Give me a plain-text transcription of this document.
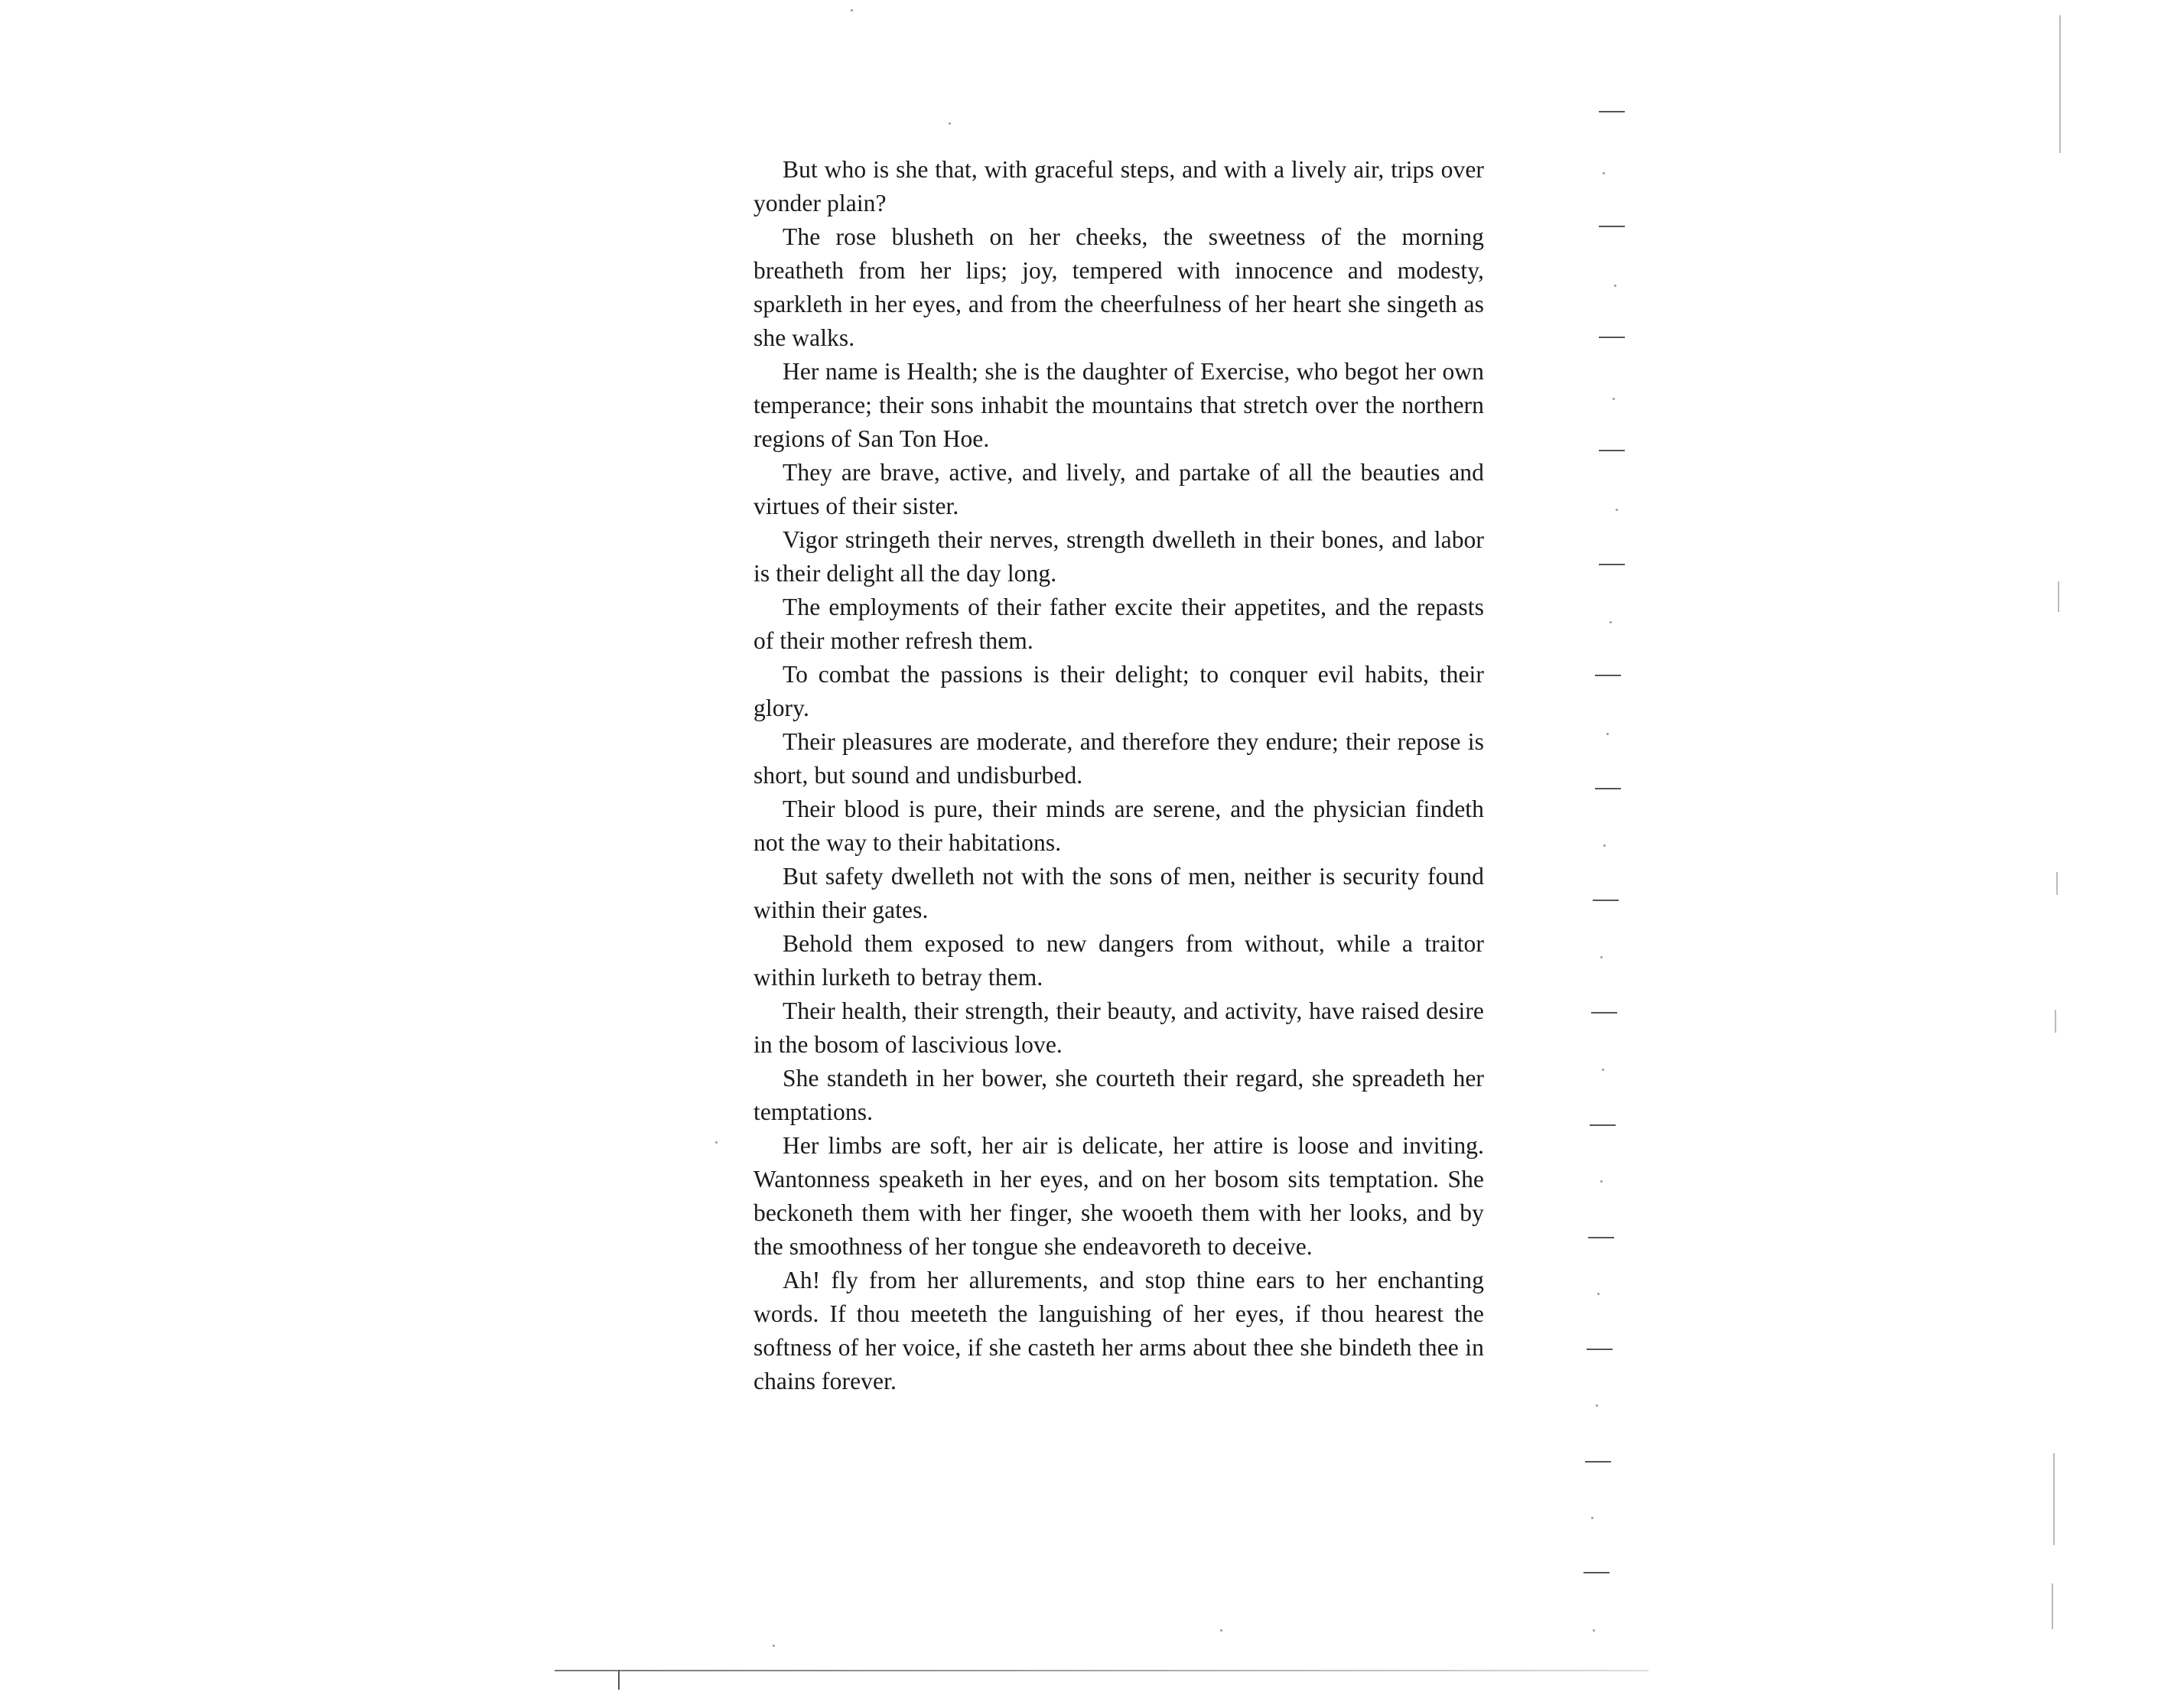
But who is she that, with graceful steps, and with a lively air, trips over yonder plain?

The rose blusheth on her cheeks, the sweetness of the morning breatheth from her lips; joy, tempered with innocence and modesty, sparkleth in her eyes, and from the cheerfulness of her heart she singeth as she walks.

Her name is Health; she is the daughter of Exercise, who begot her own temperance; their sons inhabit the mountains that stretch over the northern regions of San Ton Hoe.

They are brave, active, and lively, and partake of all the beauties and virtues of their sister.

Vigor stringeth their nerves, strength dwelleth in their bones, and labor is their delight all the day long.

The employments of their father excite their appetites, and the repasts of their mother refresh them.

To combat the passions is their delight; to conquer evil habits, their glory.

Their pleasures are moderate, and therefore they endure; their repose is short, but sound and undisburbed.

Their blood is pure, their minds are serene, and the physician findeth not the way to their habitations.

But safety dwelleth not with the sons of men, neither is security found within their gates.

Behold them exposed to new dangers from without, while a traitor within lurketh to betray them.

Their health, their strength, their beauty, and activity, have raised desire in the bosom of lascivious love.

She standeth in her bower, she courteth their regard, she spreadeth her temptations.

Her limbs are soft, her air is delicate, her attire is loose and inviting. Wantonness speaketh in her eyes, and on her bosom sits temptation. She beckoneth them with her finger, she wooeth them with her looks, and by the smoothness of her tongue she endeavoreth to deceive.

Ah! fly from her allurements, and stop thine ears to her enchanting words. If thou meeteth the languishing of her eyes, if thou hearest the softness of her voice, if she casteth her arms about thee she bindeth thee in chains forever.
